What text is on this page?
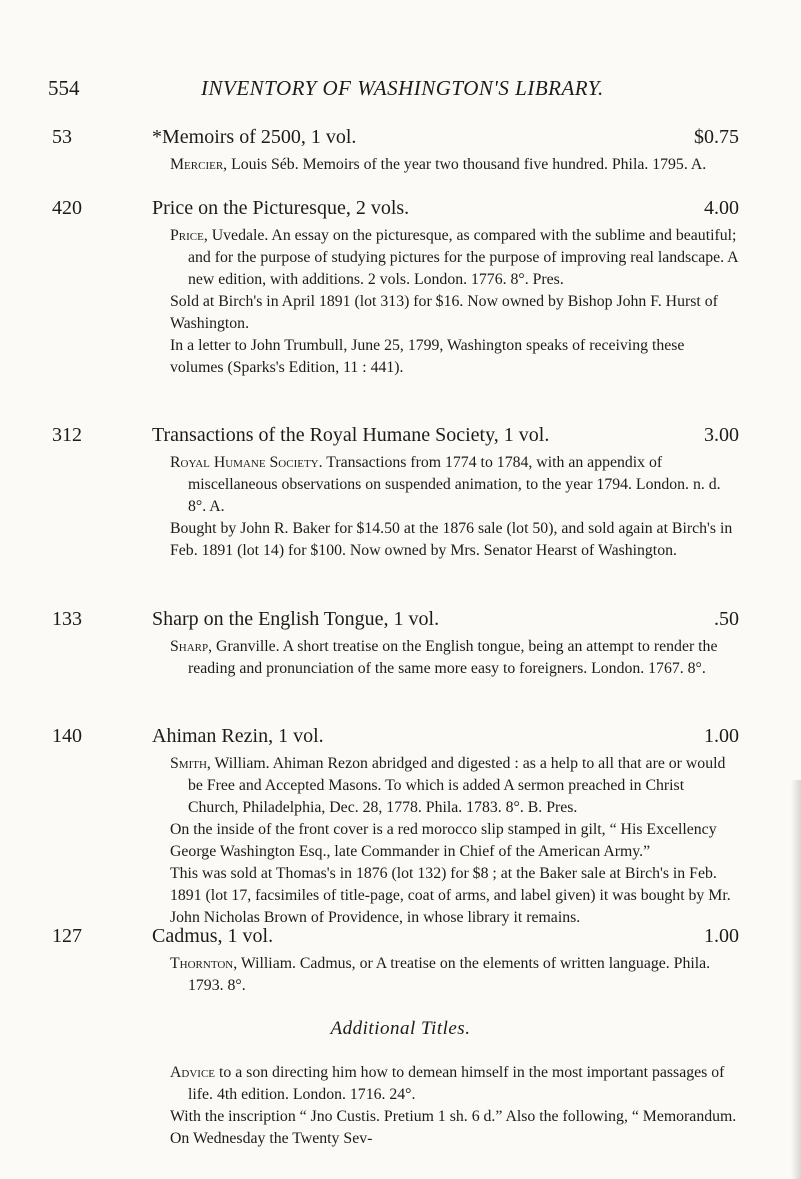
554	INVENTORY OF WASHINGTON'S LIBRARY.
53	*Memoirs of 2500, 1 vol.	$0.75

Mercier, Louis Séb. Memoirs of the year two thousand five hundred. Phila. 1795. A.

420	Price on the Picturesque, 2 vols.	4.00

Price, Uvedale. An essay on the picturesque, as compared with the sublime and beautiful; and for the purpose of studying pictures for the purpose of improving real landscape. A new edition, with additions. 2 vols. London. 1776. 8°. Pres.

Sold at Birch's in April 1891 (lot 313) for $16. Now owned by Bishop John F. Hurst of Washington.

In a letter to John Trumbull, June 25, 1799, Washington speaks of receiving these volumes (Sparks's Edition, 11 : 441).

312	Transactions of the Royal Humane Society, 1 vol.	3.00

Royal Humane Society. Transactions from 1774 to 1784, with an appendix of miscellaneous observations on suspended animation, to the year 1794. London. n. d. 8°. A.

Bought by John R. Baker for $14.50 at the 1876 sale (lot 50), and sold again at Birch's in Feb. 1891 (lot 14) for $100. Now owned by Mrs. Senator Hearst of Washington.

133	Sharp on the English Tongue, 1 vol.	.50

Sharp, Granville. A short treatise on the English tongue, being an attempt to render the reading and pronunciation of the same more easy to foreigners. London. 1767. 8°.

140	Ahiman Rezin, 1 vol.	1.00

Smith, William. Ahiman Rezon abridged and digested : as a help to all that are or would be Free and Accepted Masons. To which is added A sermon preached in Christ Church, Philadelphia, Dec. 28, 1778. Phila. 1783. 8°. B. Pres.

On the inside of the front cover is a red morocco slip stamped in gilt, “ His Excellency George Washington Esq., late Commander in Chief of the American Army.”

This was sold at Thomas's in 1876 (lot 132) for $8 ; at the Baker sale at Birch's in Feb. 1891 (lot 17, facsimiles of title-page, coat of arms, and label given) it was bought by Mr. John Nicholas Brown of Providence, in whose library it remains.

127	Cadmus, 1 vol.	1.00

Thornton, William. Cadmus, or A treatise on the elements of written language. Phila. 1793. 8°.

Additional Titles.

Advice to a son directing him how to demean himself in the most important passages of life. 4th edition. London. 1716. 24°.

With the inscription “ Jno Custis. Pretium 1 sh. 6 d.” Also the following, “ Memorandum. On Wednesday the Twenty Sev-
